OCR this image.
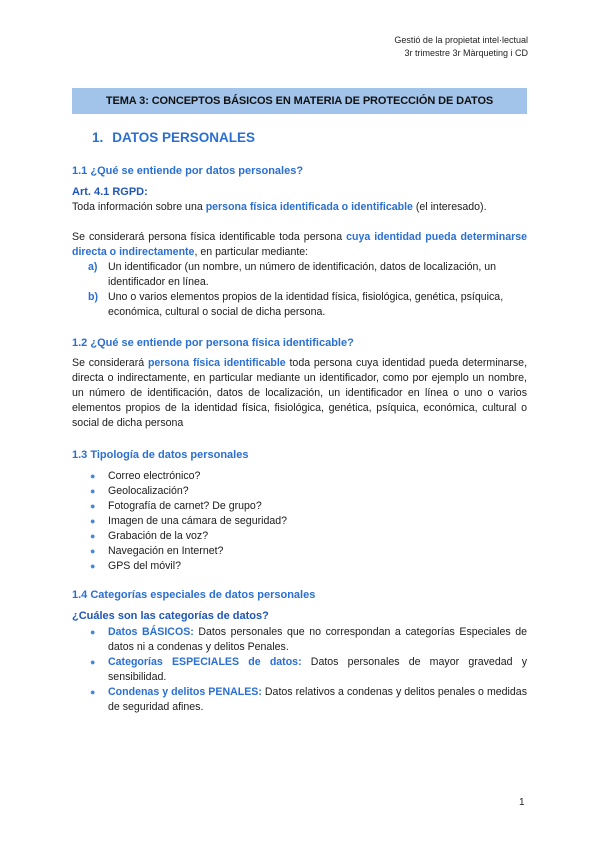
Gestió de la propietat intel·lectual
3r trimestre 3r Màrqueting i CD
TEMA 3: CONCEPTOS BÁSICOS EN MATERIA DE PROTECCIÓN DE DATOS
1. DATOS PERSONALES
1.1 ¿Qué se entiende por datos personales?
Art. 4.1 RGPD:
Toda información sobre una persona física identificada o identificable (el interesado).
Se considerará persona física identificable toda persona cuya identidad pueda determinarse directa o indirectamente, en particular mediante:
a) Un identificador (un nombre, un número de identificación, datos de localización, un identificador en línea.
b) Uno o varios elementos propios de la identidad física, fisiológica, genética, psíquica, económica, cultural o social de dicha persona.
1.2 ¿Qué se entiende por persona física identificable?
Se considerará persona física identificable toda persona cuya identidad pueda determinarse, directa o indirectamente, en particular mediante un identificador, como por ejemplo un nombre, un número de identificación, datos de localización, un identificador en línea o uno o varios elementos propios de la identidad física, fisiológica, genética, psíquica, económica, cultural o social de dicha persona
1.3 Tipología de datos personales
● Correo electrónico?
● Geolocalización?
● Fotografía de carnet? De grupo?
● Imagen de una cámara de seguridad?
● Grabación de la voz?
● Navegación en Internet?
● GPS del móvil?
1.4 Categorías especiales de datos personales
¿Cuáles son las categorías de datos?
● Datos BÁSICOS: Datos personales que no correspondan a categorías Especiales de datos ni a condenas y delitos Penales.
● Categorías ESPECIALES de datos: Datos personales de mayor gravedad y sensibilidad.
● Condenas y delitos PENALES: Datos relativos a condenas y delitos penales o medidas de seguridad afines.
1
